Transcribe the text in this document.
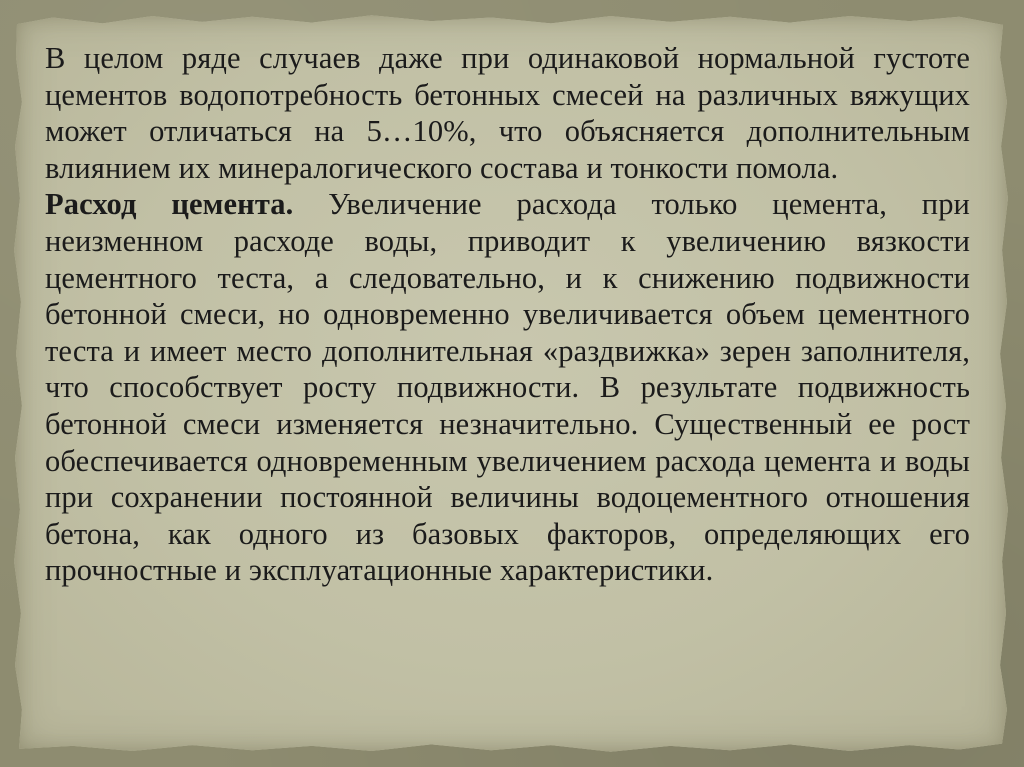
В целом ряде случаев даже при одинаковой нормальной густоте цементов водопотребность бетонных смесей на различных вяжущих может отличаться на 5…10%, что объясняется дополнительным влиянием их минералогического состава и тонкости помола.

Расход цемента. Увеличение расхода только цемента, при неизменном расходе воды, приводит к увеличению вязкости цементного теста, а следовательно, и к снижению подвижности бетонной смеси, но одновременно увеличивается объем цементного теста и имеет место дополнительная «раздвижка» зерен заполнителя, что способствует росту подвижности. В результате подвижность бетонной смеси изменяется незначительно. Существенный ее рост обеспечивается одновременным увеличением расхода цемента и воды при сохранении постоянной величины водоцементного отношения бетона, как одного из базовых факторов, определяющих его прочностные и эксплуатационные характеристики.
